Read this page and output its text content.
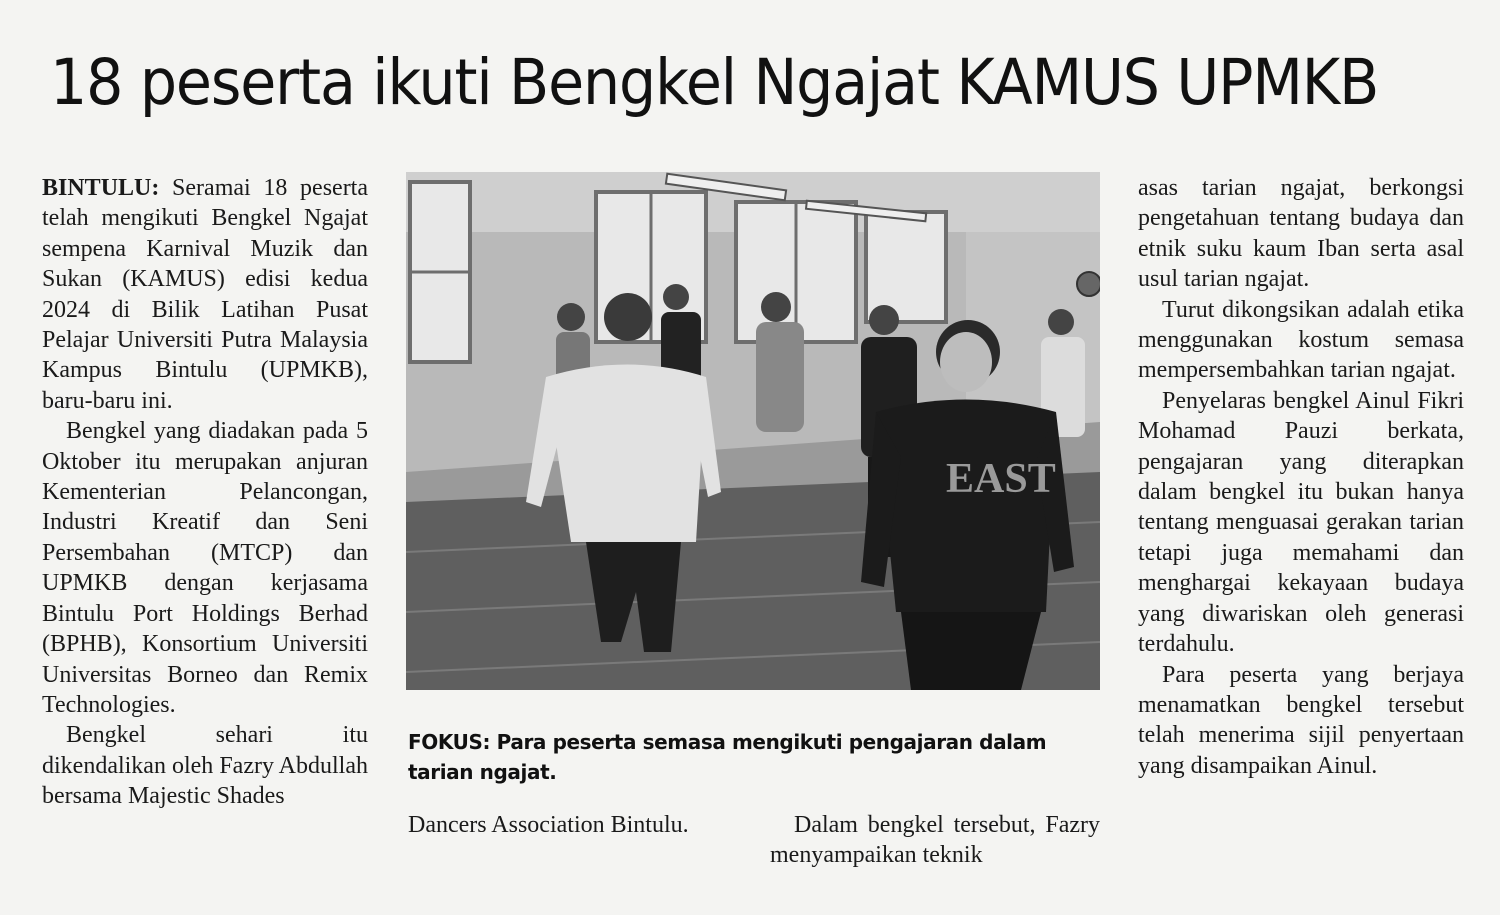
18 peserta ikuti Bengkel Ngajat KAMUS UPMKB

BINTULU: Seramai 18 peserta telah mengikuti Bengkel Ngajat sempena Karnival Muzik dan Sukan (KAMUS) edisi kedua 2024 di Bilik Latihan Pusat Pelajar Universiti Putra Malaysia Kampus Bintulu (UPMKB), baru-baru ini.

Bengkel yang diadakan pada 5 Oktober itu merupakan anjuran Kementerian Pelancongan, Industri Kreatif dan Seni Persembahan (MTCP) dan UPMKB dengan kerjasama Bintulu Port Holdings Berhad (BPHB), Konsortium Universiti Universitas Borneo dan Remix Technologies.

Bengkel sehari itu dikendalikan oleh Fazry Abdullah bersama Majestic Shades

EAST
FOKUS: Para peserta semasa mengikuti pengajaran dalam tarian ngajat.

Dancers Association Bintulu.	Dalam bengkel tersebut, Fazry menyampaikan teknik

asas tarian ngajat, berkongsi pengetahuan tentang budaya dan etnik suku kaum Iban serta asal usul tarian ngajat.

Turut dikongsikan adalah etika menggunakan kostum semasa mempersembahkan tarian ngajat.

Penyelaras bengkel Ainul Fikri Mohamad Pauzi berkata, pengajaran yang diterapkan dalam bengkel itu bukan hanya tentang menguasai gerakan tarian tetapi juga memahami dan menghargai kekayaan budaya yang diwariskan oleh generasi terdahulu.

Para peserta yang berjaya menamatkan bengkel tersebut telah menerima sijil penyertaan yang disampaikan Ainul.
